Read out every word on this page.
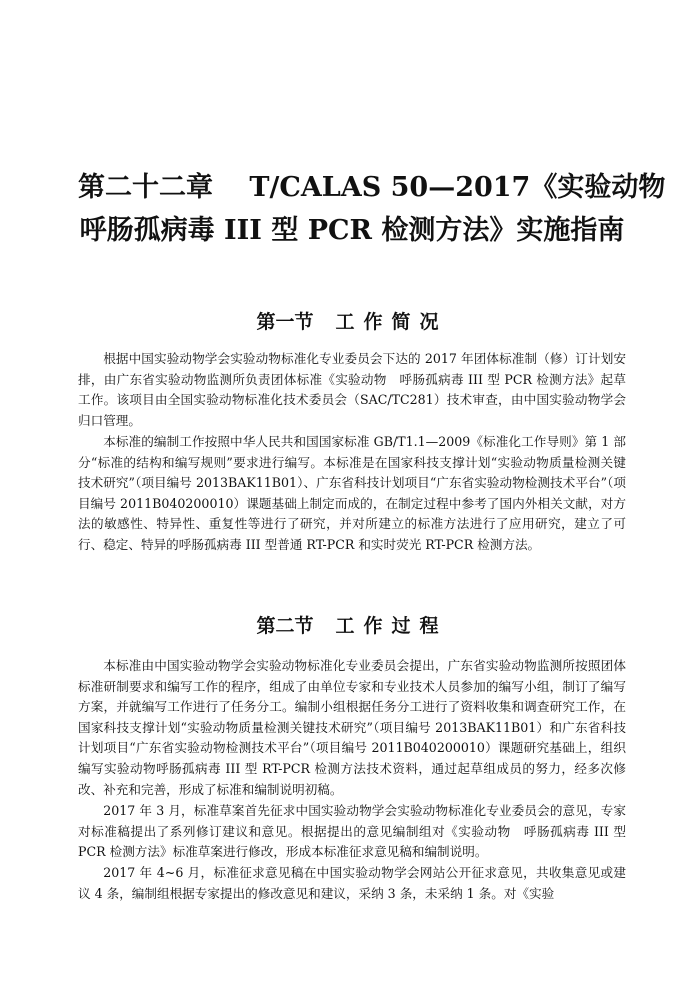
第二十二章　 T/CALAS 50—2017《实验动物
呼肠孤病毒 III 型 PCR 检测方法》实施指南
第一节 工作简况

根据中国实验动物学会实验动物标准化专业委员会下达的 2017 年团体标准制（修）订计划安排，由广东省实验动物监测所负责团体标准《实验动物　呼肠孤病毒 III 型 PCR 检测方法》起草工作。该项目由全国实验动物标准化技术委员会（SAC/TC281）技术审查，由中国实验动物学会归口管理。

本标准的编制工作按照中华人民共和国国家标准 GB/T1.1—2009《标准化工作导则》第 1 部分“标准的结构和编写规则”要求进行编写。本标准是在国家科技支撑计划“实验动物质量检测关键技术研究”（项目编号 2013BAK11B01）、广东省科技计划项目“广东省实验动物检测技术平台”（项目编号 2011B040200010）课题基础上制定而成的，在制定过程中参考了国内外相关文献，对方法的敏感性、特异性、重复性等进行了研究，并对所建立的标准方法进行了应用研究，建立了可行、稳定、特异的呼肠孤病毒 III 型普通 RT-PCR 和实时荧光 RT-PCR 检测方法。

第二节 工作过程

本标准由中国实验动物学会实验动物标准化专业委员会提出，广东省实验动物监测所按照团体标准研制要求和编写工作的程序，组成了由单位专家和专业技术人员参加的编写小组，制订了编写方案，并就编写工作进行了任务分工。编制小组根据任务分工进行了资料收集和调查研究工作，在国家科技支撑计划“实验动物质量检测关键技术研究”（项目编号 2013BAK11B01）和广东省科技计划项目“广东省实验动物检测技术平台”（项目编号 2011B040200010）课题研究基础上，组织编写实验动物呼肠孤病毒 III 型 RT-PCR 检测方法技术资料，通过起草组成员的努力，经多次修改、补充和完善，形成了标准和编制说明初稿。

2017 年 3 月，标准草案首先征求中国实验动物学会实验动物标准化专业委员会的意见，专家对标准稿提出了系列修订建议和意见。根据提出的意见编制组对《实验动物　呼肠孤病毒 III 型 PCR 检测方法》标准草案进行修改，形成本标准征求意见稿和编制说明。

2017 年 4~6 月，标准征求意见稿在中国实验动物学会网站公开征求意见，共收集意见或建议 4 条，编制组根据专家提出的修改意见和建议，采纳 3 条，未采纳 1 条。对《实验
